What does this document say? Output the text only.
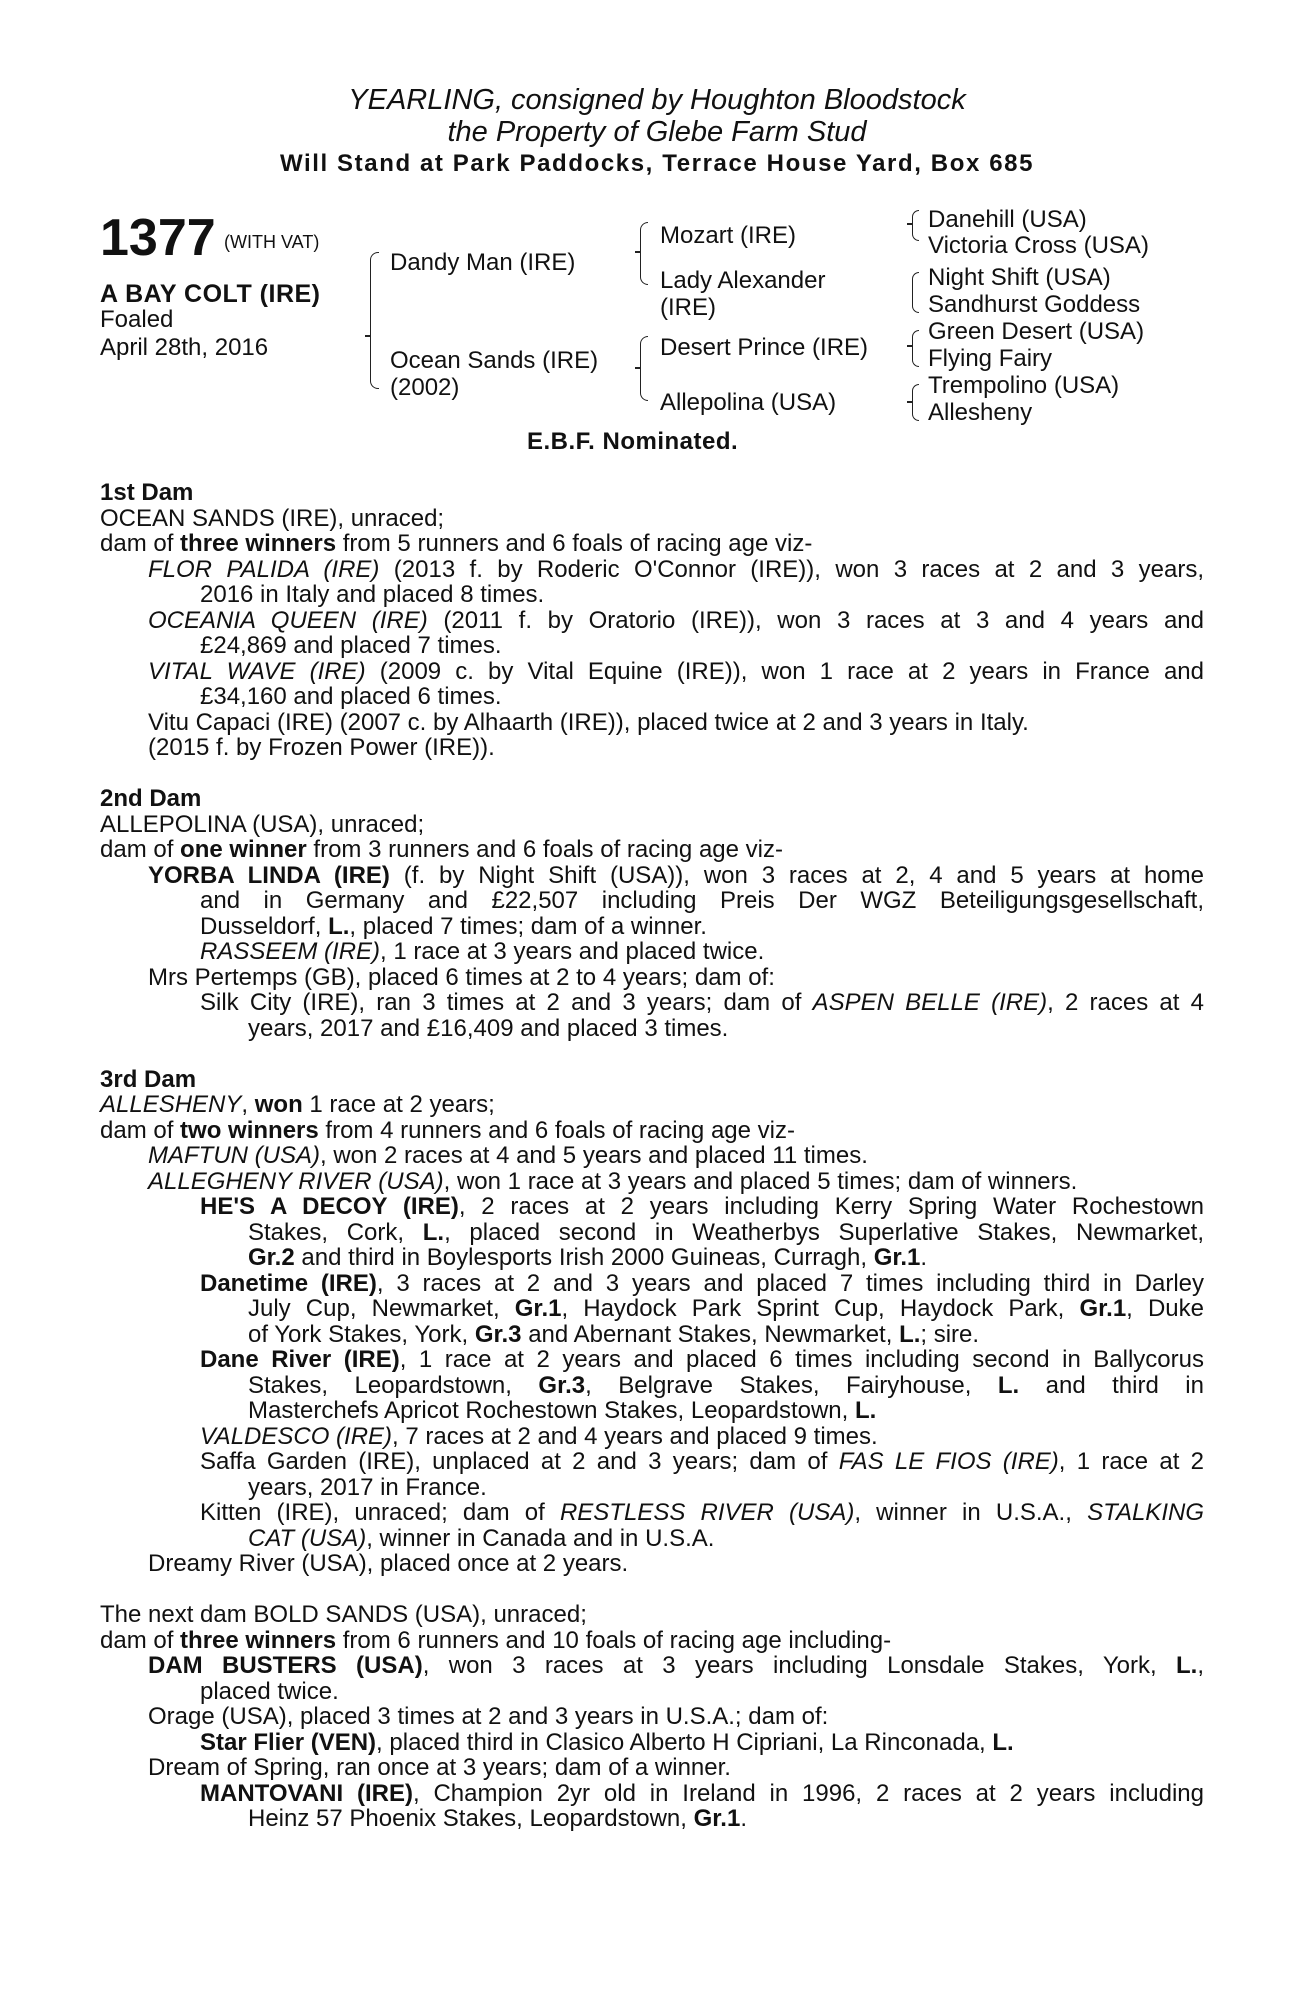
YEARLING, consigned by Houghton Bloodstock
the Property of Glebe Farm Stud
Will Stand at Park Paddocks, Terrace House Yard, Box 685
1377 (WITH VAT)
A BAY COLT (IRE)
Foaled
April 28th, 2016
Dandy Man (IRE)
Ocean Sands (IRE)
(2002)
Mozart (IRE)
Lady Alexander
(IRE)
Desert Prince (IRE)
Allepolina (USA)
Danehill (USA)
Victoria Cross (USA)
Night Shift (USA)
Sandhurst Goddess
Green Desert (USA)
Flying Fairy
Trempolino (USA)
Allesheny
E.B.F. Nominated.
1st Dam
OCEAN SANDS (IRE), unraced;
dam of three winners from 5 runners and 6 foals of racing age viz-
FLOR PALIDA (IRE) (2013 f. by Roderic O'Connor (IRE)), won 3 races at 2 and 3 years,
2016 in Italy and placed 8 times.
OCEANIA QUEEN (IRE) (2011 f. by Oratorio (IRE)), won 3 races at 3 and 4 years and
£24,869 and placed 7 times.
VITAL WAVE (IRE) (2009 c. by Vital Equine (IRE)), won 1 race at 2 years in France and
£34,160 and placed 6 times.
Vitu Capaci (IRE) (2007 c. by Alhaarth (IRE)), placed twice at 2 and 3 years in Italy.
(2015 f. by Frozen Power (IRE)).
2nd Dam
ALLEPOLINA (USA), unraced;
dam of one winner from 3 runners and 6 foals of racing age viz-
YORBA LINDA (IRE) (f. by Night Shift (USA)), won 3 races at 2, 4 and 5 years at home
and in Germany and £22,507 including Preis Der WGZ Beteiligungsgesellschaft,
Dusseldorf, L., placed 7 times; dam of a winner.
RASSEEM (IRE), 1 race at 3 years and placed twice.
Mrs Pertemps (GB), placed 6 times at 2 to 4 years; dam of:
Silk City (IRE), ran 3 times at 2 and 3 years; dam of ASPEN BELLE (IRE), 2 races at 4
years, 2017 and £16,409 and placed 3 times.
3rd Dam
ALLESHENY, won 1 race at 2 years;
dam of two winners from 4 runners and 6 foals of racing age viz-
MAFTUN (USA), won 2 races at 4 and 5 years and placed 11 times.
ALLEGHENY RIVER (USA), won 1 race at 3 years and placed 5 times; dam of winners.
HE'S A DECOY (IRE), 2 races at 2 years including Kerry Spring Water Rochestown
Stakes, Cork, L., placed second in Weatherbys Superlative Stakes, Newmarket,
Gr.2 and third in Boylesports Irish 2000 Guineas, Curragh, Gr.1.
Danetime (IRE), 3 races at 2 and 3 years and placed 7 times including third in Darley
July Cup, Newmarket, Gr.1, Haydock Park Sprint Cup, Haydock Park, Gr.1, Duke
of York Stakes, York, Gr.3 and Abernant Stakes, Newmarket, L.; sire.
Dane River (IRE), 1 race at 2 years and placed 6 times including second in Ballycorus
Stakes, Leopardstown, Gr.3, Belgrave Stakes, Fairyhouse, L. and third in
Masterchefs Apricot Rochestown Stakes, Leopardstown, L.
VALDESCO (IRE), 7 races at 2 and 4 years and placed 9 times.
Saffa Garden (IRE), unplaced at 2 and 3 years; dam of FAS LE FIOS (IRE), 1 race at 2
years, 2017 in France.
Kitten (IRE), unraced; dam of RESTLESS RIVER (USA), winner in U.S.A., STALKING
CAT (USA), winner in Canada and in U.S.A.
Dreamy River (USA), placed once at 2 years.
The next dam BOLD SANDS (USA), unraced;
dam of three winners from 6 runners and 10 foals of racing age including-
DAM BUSTERS (USA), won 3 races at 3 years including Lonsdale Stakes, York, L.,
placed twice.
Orage (USA), placed 3 times at 2 and 3 years in U.S.A.; dam of:
Star Flier (VEN), placed third in Clasico Alberto H Cipriani, La Rinconada, L.
Dream of Spring, ran once at 3 years; dam of a winner.
MANTOVANI (IRE), Champion 2yr old in Ireland in 1996, 2 races at 2 years including
Heinz 57 Phoenix Stakes, Leopardstown, Gr.1.
